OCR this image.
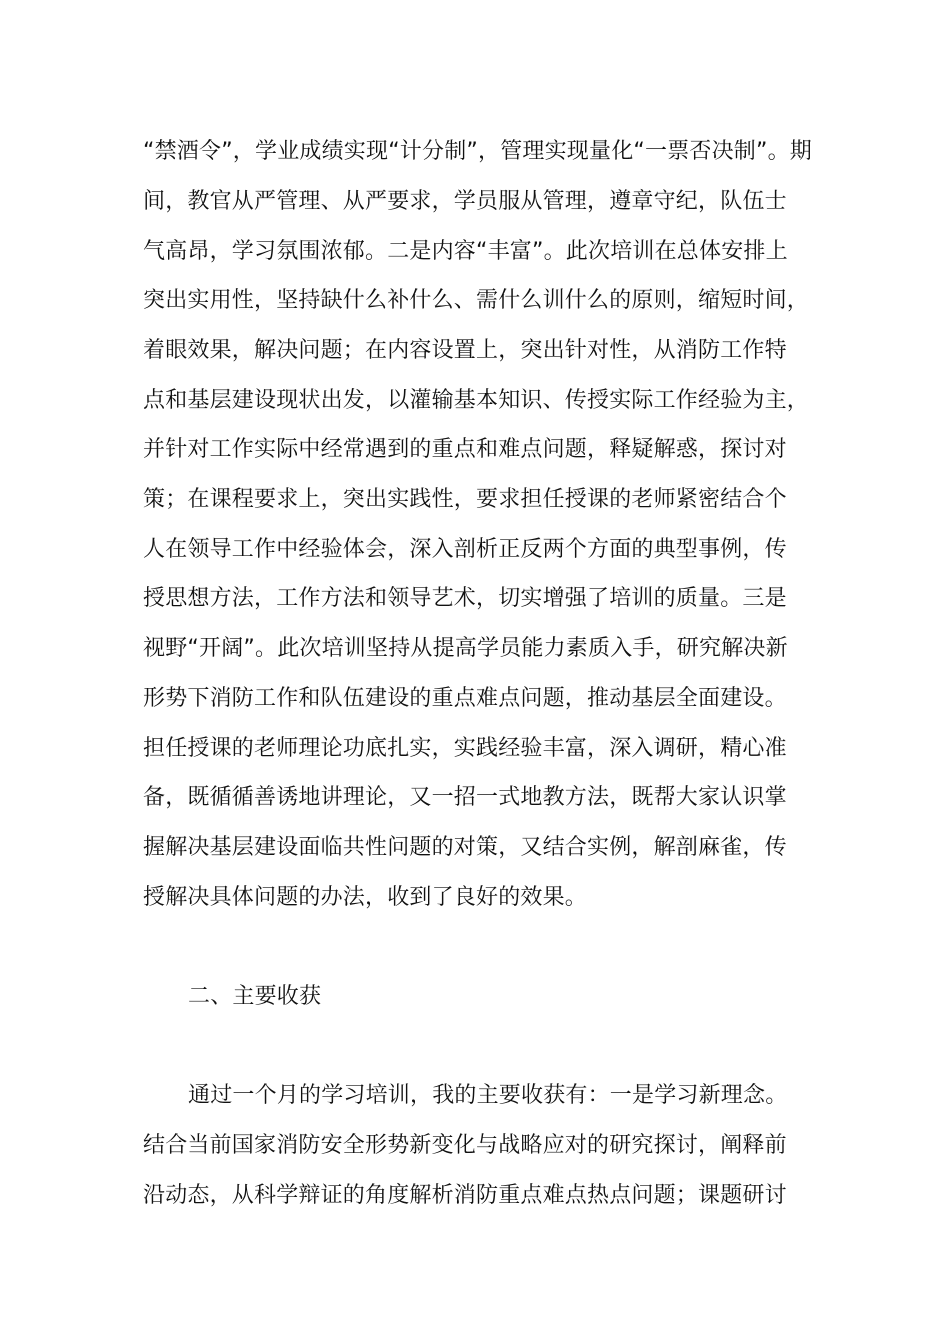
“禁酒令”，学业成绩实现“计分制”，管理实现量化“一票否决制”。期
间，教官从严管理、从严要求，学员服从管理，遵章守纪，队伍士
气高昂，学习氛围浓郁。二是内容“丰富”。此次培训在总体安排上
突出实用性，坚持缺什么补什么、需什么训什么的原则，缩短时间，
着眼效果，解决问题；在内容设置上，突出针对性，从消防工作特
点和基层建设现状出发，以灌输基本知识、传授实际工作经验为主，
并针对工作实际中经常遇到的重点和难点问题，释疑解惑，探讨对
策；在课程要求上，突出实践性，要求担任授课的老师紧密结合个
人在领导工作中经验体会，深入剖析正反两个方面的典型事例，传
授思想方法，工作方法和领导艺术，切实增强了培训的质量。三是
视野“开阔”。此次培训坚持从提高学员能力素质入手，研究解决新
形势下消防工作和队伍建设的重点难点问题，推动基层全面建设。
担任授课的老师理论功底扎实，实践经验丰富，深入调研，精心准
备，既循循善诱地讲理论，又一招一式地教方法，既帮大家认识掌
握解决基层建设面临共性问题的对策，又结合实例，解剖麻雀，传
授解决具体问题的办法，收到了良好的效果。
二、主要收获
通过一个月的学习培训，我的主要收获有：一是学习新理念。
结合当前国家消防安全形势新变化与战略应对的研究探讨，阐释前
沿动态，从科学辩证的角度解析消防重点难点热点问题；课题研讨
